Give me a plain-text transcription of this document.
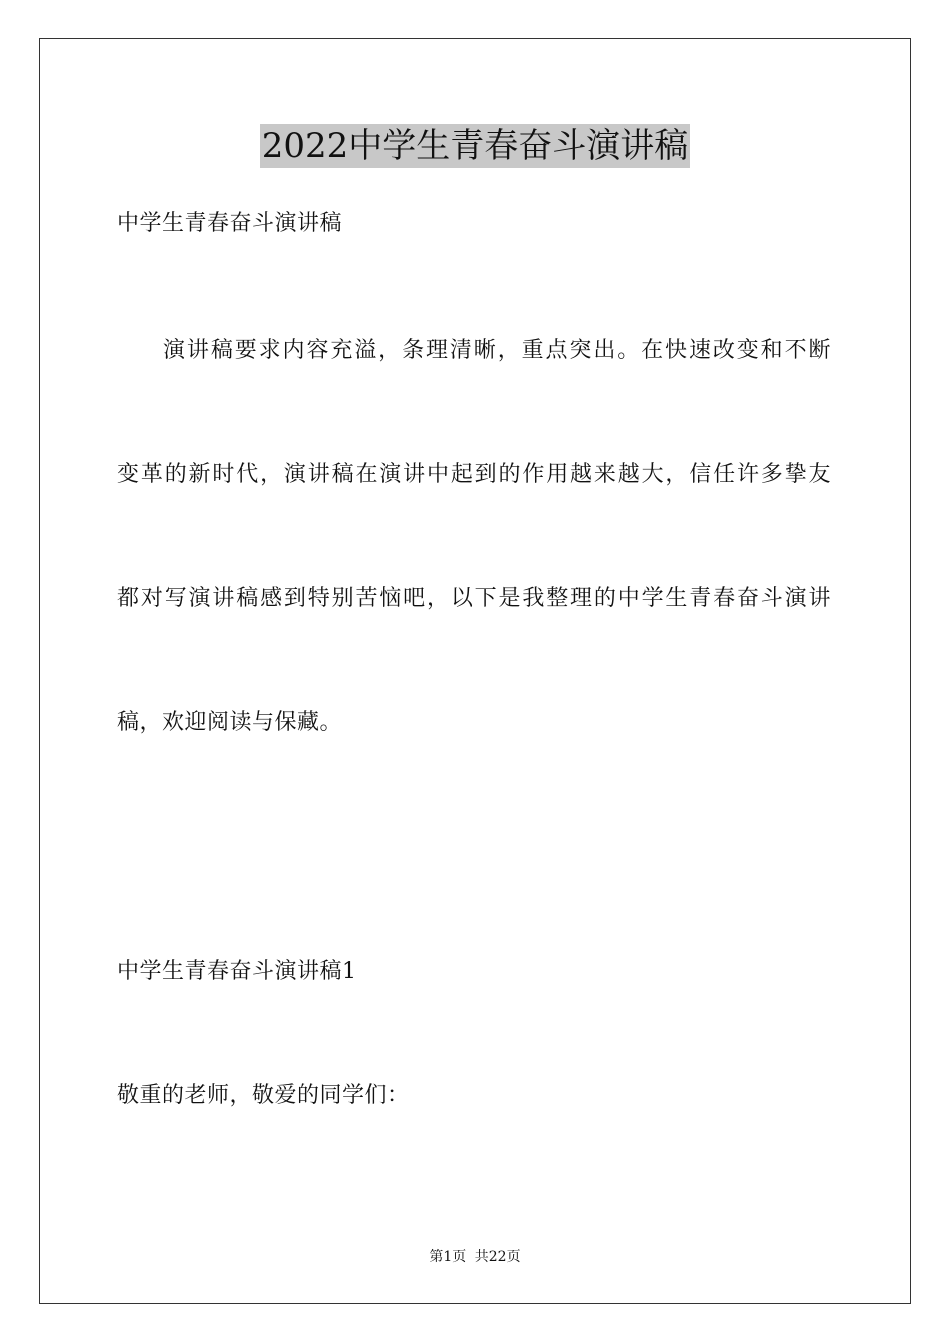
2022中学生青春奋斗演讲稿
中学生青春奋斗演讲稿
演讲稿要求内容充溢，条理清晰，重点突出。在快速改变和不断
变革的新时代，演讲稿在演讲中起到的作用越来越大，信任许多挚友
都对写演讲稿感到特别苦恼吧，以下是我整理的中学生青春奋斗演讲
稿，欢迎阅读与保藏。
中学生青春奋斗演讲稿1
敬重的老师，敬爱的同学们：
第1页 共22页
